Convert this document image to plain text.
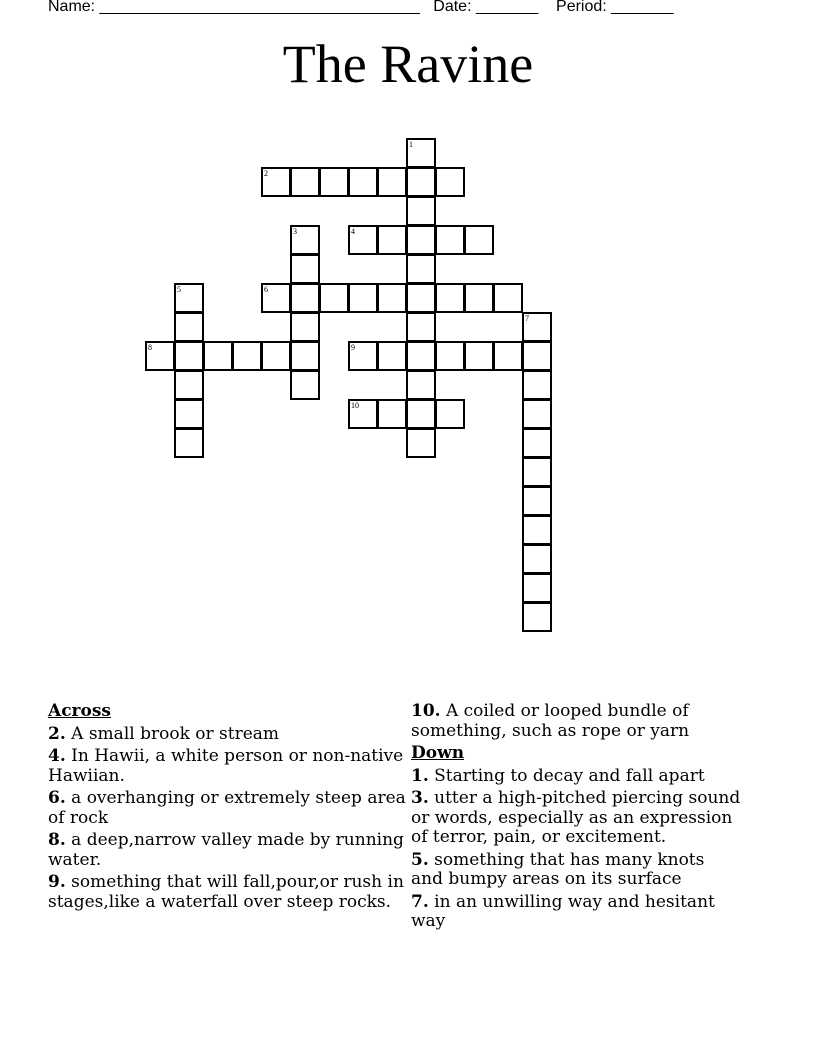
Name: ____________________________________ Date: _______ Period: _______
The Ravine
1
2
3	4
5	6
7
8	9
10
Across
2. A small brook or stream
4. In Hawii, a white person or non-native Hawiian.
6. a overhanging or extremely steep area of rock
8. a deep,narrow valley made by running water.
9. something that will fall,pour,or rush in stages,like a waterfall over steep rocks.
10. A coiled or looped bundle of something, such as rope or yarn
Down
1. Starting to decay and fall apart
3. utter a high-pitched piercing sound or words, especially as an expression of terror, pain, or excitement.
5. something that has many knots and bumpy areas on its surface
7. in an unwilling way and hesitant way
